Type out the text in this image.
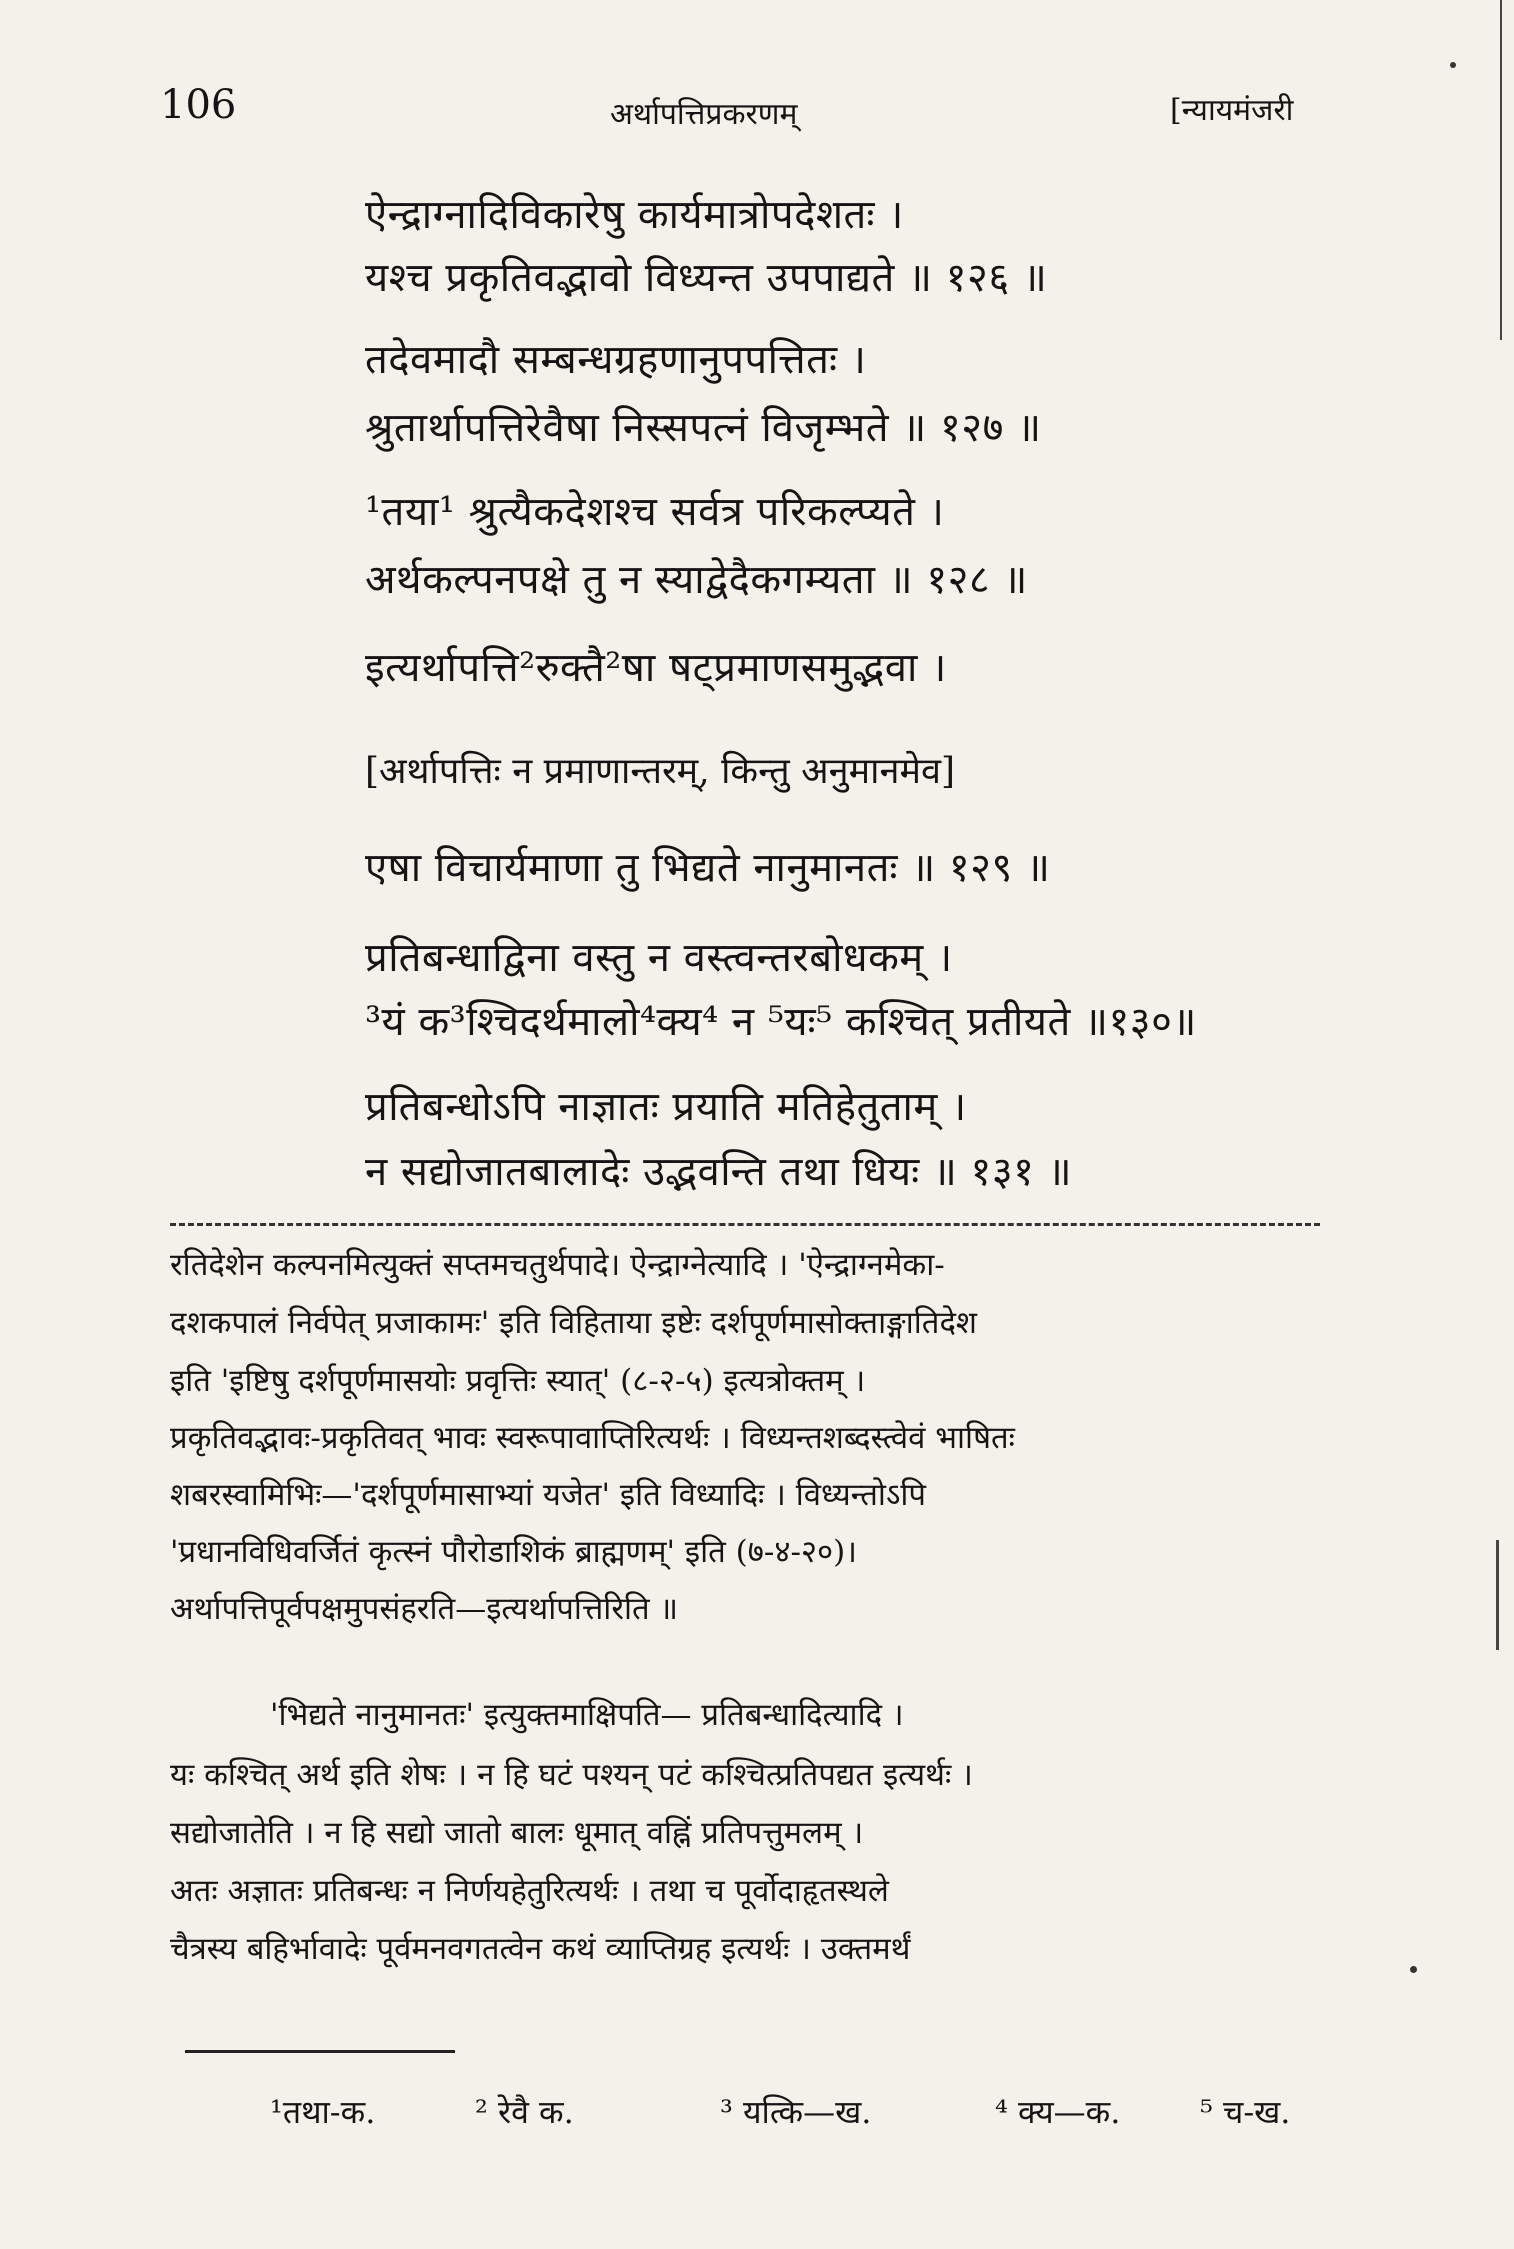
106	अर्थापत्तिप्रकरणम्	[न्यायमंजरी
ऐन्द्राग्नादिविकारेषु कार्यमात्रोपदेशतः ।
यश्च प्रकृतिवद्भावो विध्यन्त उपपाद्यते ॥ १२६ ॥
तदेवमादौ सम्बन्धग्रहणानुपपत्तितः ।
श्रुतार्थापत्तिरेवैषा निस्सपत्नं विजृम्भते ॥ १२७ ॥
¹तया¹ श्रुत्यैकदेशश्च सर्वत्र परिकल्प्यते ।
अर्थकल्पनपक्षे तु न स्याद्वेदैकगम्यता ॥ १२८ ॥
इत्यर्थापत्ति²रुक्तै²षा षट्प्रमाणसमुद्भवा ।
[अर्थापत्तिः न प्रमाणान्तरम्, किन्तु अनुमानमेव]
एषा विचार्यमाणा तु भिद्यते नानुमानतः ॥ १२९ ॥
प्रतिबन्धाद्विना वस्तु न वस्त्वन्तरबोधकम् ।
³यं क³श्चिदर्थमालो⁴क्य⁴ न ⁵यः⁵ कश्चित् प्रतीयते ॥१३०॥
प्रतिबन्धोऽपि नाज्ञातः प्रयाति मतिहेतुताम् ।
न सद्योजातबालादेः उद्भवन्ति तथा धियः ॥ १३१ ॥
रतिदेशेन कल्पनमित्युक्तं सप्तमचतुर्थपादे। ऐन्द्राग्नेत्यादि । 'ऐन्द्राग्नमेका-
दशकपालं निर्वपेत् प्रजाकामः' इति विहिताया इष्टेः दर्शपूर्णमासोक्ताङ्गातिदेश
इति 'इष्टिषु दर्शपूर्णमासयोः प्रवृत्तिः स्यात्' (८-२-५) इत्यत्रोक्तम् ।
प्रकृतिवद्भावः-प्रकृतिवत् भावः स्वरूपावाप्तिरित्यर्थः । विध्यन्तशब्दस्त्वेवं भाषितः
शबरस्वामिभिः—'दर्शपूर्णमासाभ्यां यजेत' इति विध्यादिः । विध्यन्तोऽपि
'प्रधानविधिवर्जितं कृत्स्नं पौरोडाशिकं ब्राह्मणम्' इति (७-४-२०)।
अर्थापत्तिपूर्वपक्षमुपसंहरति—इत्यर्थापत्तिरिति ॥
'भिद्यते नानुमानतः' इत्युक्तमाक्षिपति— प्रतिबन्धादित्यादि ।
यः कश्चित् अर्थ इति शेषः । न हि घटं पश्यन् पटं कश्चित्प्रतिपद्यत इत्यर्थः ।
सद्योजातेति । न हि सद्यो जातो बालः धूमात् वह्निं प्रतिपत्तुमलम् ।
अतः अज्ञातः प्रतिबन्धः न निर्णयहेतुरित्यर्थः । तथा च पूर्वोदाहृतस्थले
चैत्रस्य बहिर्भावादेः पूर्वमनवगतत्वेन कथं व्याप्तिग्रह इत्यर्थः । उक्तमर्थं
¹तथा-क.	² रेवै क.	³ यत्कि—ख.	⁴ क्य—क. ⁵ च-ख.
